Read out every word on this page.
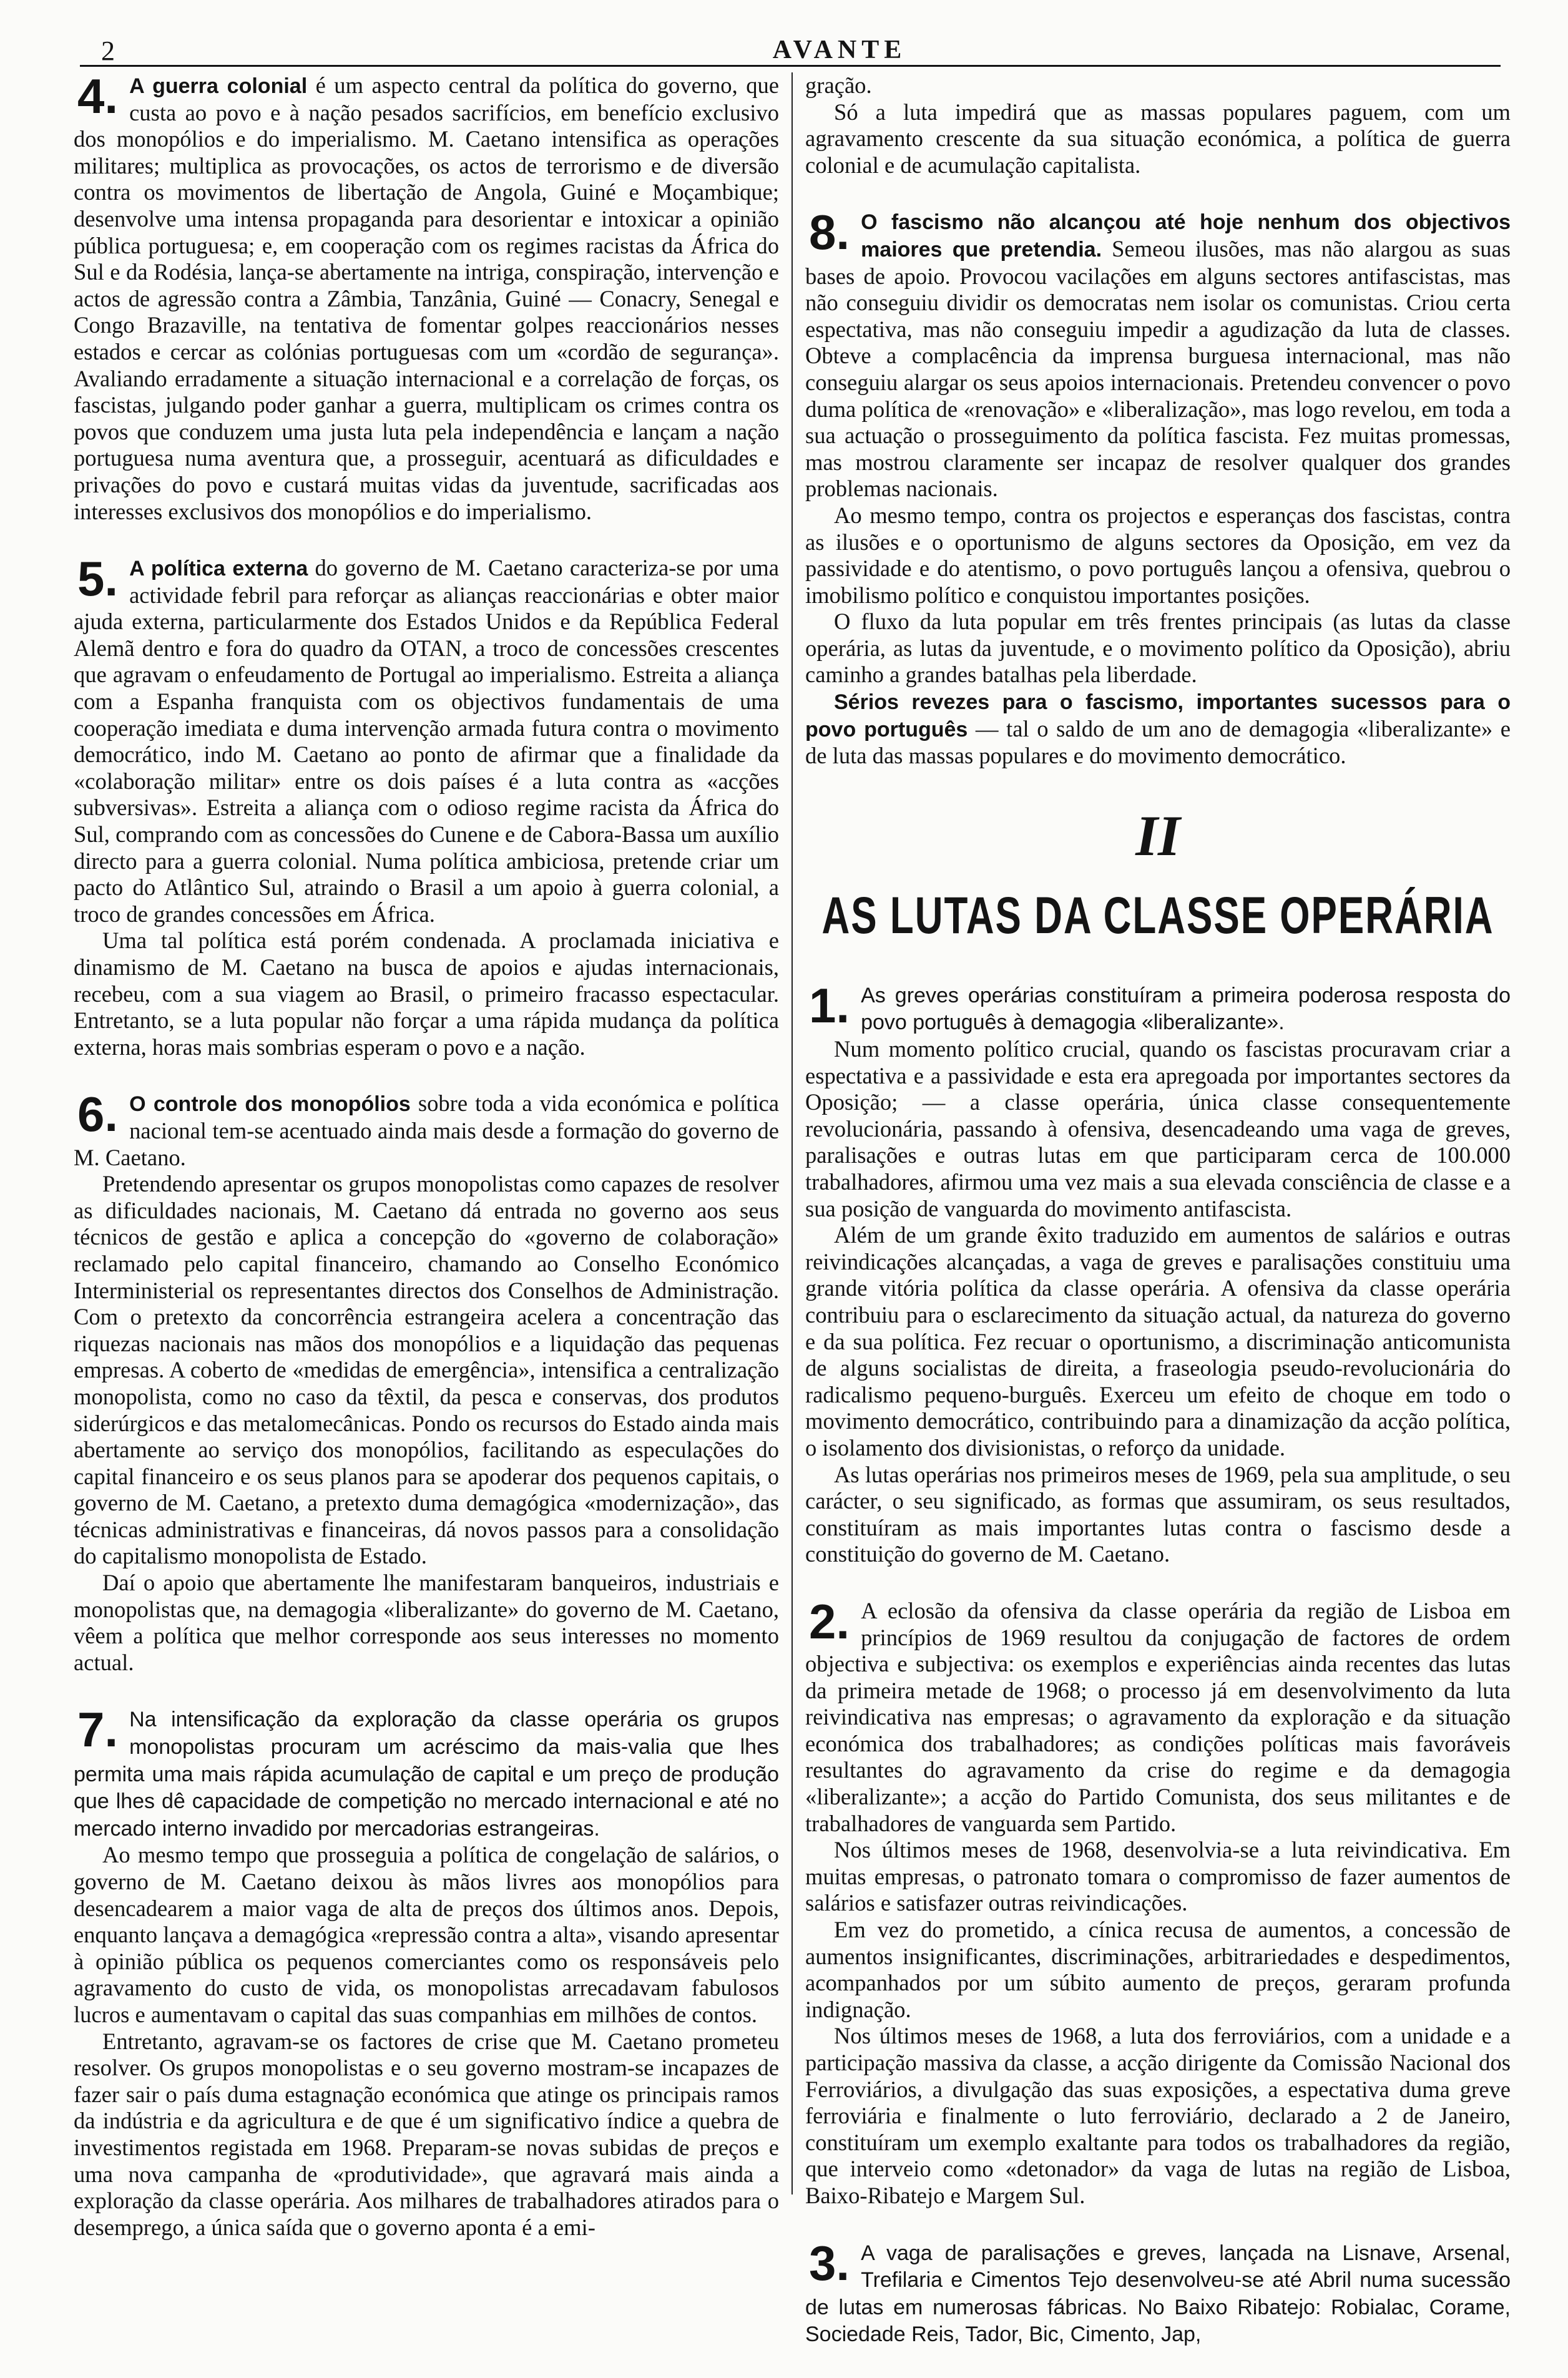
2	AVANTE

4. A guerra colonial é um aspecto central da política do governo, que custa ao povo e à nação pesados sacrifícios, em benefício exclusivo dos monopólios e do imperialismo. M. Caetano intensifica as operações militares; multiplica as provocações, os actos de terrorismo e de diversão contra os movimentos de libertação de Angola, Guiné e Moçambique; desenvolve uma intensa propaganda para desorientar e intoxicar a opinião pública portuguesa; e, em cooperação com os regimes racistas da África do Sul e da Rodésia, lança-se abertamente na intriga, conspiração, intervenção e actos de agressão contra a Zâmbia, Tanzânia, Guiné — Conacry, Senegal e Congo Brazaville, na tentativa de fomentar golpes reaccionários nesses estados e cercar as colónias portuguesas com um «cordão de segurança». Avaliando erradamente a situação internacional e a correlação de forças, os fascistas, julgando poder ganhar a guerra, multiplicam os crimes contra os povos que conduzem uma justa luta pela independência e lançam a nação portuguesa numa aventura que, a prosseguir, acentuará as dificuldades e privações do povo e custará muitas vidas da juventude, sacrificadas aos interesses exclusivos dos monopólios e do imperialismo.

5. A política externa do governo de M. Caetano caracteriza-se por uma actividade febril para reforçar as alianças reaccionárias e obter maior ajuda externa, particularmente dos Estados Unidos e da República Federal Alemã dentro e fora do quadro da OTAN, a troco de concessões crescentes que agravam o enfeudamento de Portugal ao imperialismo. Estreita a aliança com a Espanha franquista com os objectivos fundamentais de uma cooperação imediata e duma intervenção armada futura contra o movimento democrático, indo M. Caetano ao ponto de afirmar que a finalidade da «colaboração militar» entre os dois países é a luta contra as «acções subversivas». Estreita a aliança com o odioso regime racista da África do Sul, comprando com as concessões do Cunene e de Cabora-Bassa um auxílio directo para a guerra colonial. Numa política ambiciosa, pretende criar um pacto do Atlântico Sul, atraindo o Brasil a um apoio à guerra colonial, a troco de grandes concessões em África.

Uma tal política está porém condenada. A proclamada iniciativa e dinamismo de M. Caetano na busca de apoios e ajudas internacionais, recebeu, com a sua viagem ao Brasil, o primeiro fracasso espectacular. Entretanto, se a luta popular não forçar a uma rápida mudança da política externa, horas mais sombrias esperam o povo e a nação.

6. O controle dos monopólios sobre toda a vida económica e política nacional tem-se acentuado ainda mais desde a formação do governo de M. Caetano.

Pretendendo apresentar os grupos monopolistas como capazes de resolver as dificuldades nacionais, M. Caetano dá entrada no governo aos seus técnicos de gestão e aplica a concepção do «governo de colaboração» reclamado pelo capital financeiro, chamando ao Conselho Económico Interministerial os representantes directos dos Conselhos de Administração. Com o pretexto da concorrência estrangeira acelera a concentração das riquezas nacionais nas mãos dos monopólios e a liquidação das pequenas empresas. A coberto de «medidas de emergência», intensifica a centralização monopolista, como no caso da têxtil, da pesca e conservas, dos produtos siderúrgicos e das metalomecânicas. Pondo os recursos do Estado ainda mais abertamente ao serviço dos monopólios, facilitando as especulações do capital financeiro e os seus planos para se apoderar dos pequenos capitais, o governo de M. Caetano, a pretexto duma demagógica «modernização», das técnicas administrativas e financeiras, dá novos passos para a consolidação do capitalismo monopolista de Estado.

Daí o apoio que abertamente lhe manifestaram banqueiros, industriais e monopolistas que, na demagogia «liberalizante» do governo de M. Caetano, vêem a política que melhor corresponde aos seus interesses no momento actual.

7. Na intensificação da exploração da classe operária os grupos monopolistas procuram um acréscimo da mais-valia que lhes permita uma mais rápida acumulação de capital e um preço de produção que lhes dê capacidade de competição no mercado internacional e até no mercado interno invadido por mercadorias estrangeiras.

Ao mesmo tempo que prosseguia a política de congelação de salários, o governo de M. Caetano deixou às mãos livres aos monopólios para desencadearem a maior vaga de alta de preços dos últimos anos. Depois, enquanto lançava a demagógica «repressão contra a alta», visando apresentar à opinião pública os pequenos comerciantes como os responsáveis pelo agravamento do custo de vida, os monopolistas arrecadavam fabulosos lucros e aumentavam o capital das suas companhias em milhões de contos.

Entretanto, agravam-se os factores de crise que M. Caetano prometeu resolver. Os grupos monopolistas e o seu governo mostram-se incapazes de fazer sair o país duma estagnação económica que atinge os principais ramos da indústria e da agricultura e de que é um significativo índice a quebra de investimentos registada em 1968. Preparam-se novas subidas de preços e uma nova campanha de «produtividade», que agravará mais ainda a exploração da classe operária. Aos milhares de trabalhadores atirados para o desemprego, a única saída que o governo aponta é a emi-

gração.

Só a luta impedirá que as massas populares paguem, com um agravamento crescente da sua situação económica, a política de guerra colonial e de acumulação capitalista.

8. O fascismo não alcançou até hoje nenhum dos objectivos maiores que pretendia. Semeou ilusões, mas não alargou as suas bases de apoio. Provocou vacilações em alguns sectores antifascistas, mas não conseguiu dividir os democratas nem isolar os comunistas. Criou certa espectativa, mas não conseguiu impedir a agudização da luta de classes. Obteve a complacência da imprensa burguesa internacional, mas não conseguiu alargar os seus apoios internacionais. Pretendeu convencer o povo duma política de «renovação» e «liberalização», mas logo revelou, em toda a sua actuação o prosseguimento da política fascista. Fez muitas promessas, mas mostrou claramente ser incapaz de resolver qualquer dos grandes problemas nacionais.

Ao mesmo tempo, contra os projectos e esperanças dos fascistas, contra as ilusões e o oportunismo de alguns sectores da Oposição, em vez da passividade e do atentismo, o povo português lançou a ofensiva, quebrou o imobilismo político e conquistou importantes posições.

O fluxo da luta popular em três frentes principais (as lutas da classe operária, as lutas da juventude, e o movimento político da Oposição), abriu caminho a grandes batalhas pela liberdade.

Sérios revezes para o fascismo, importantes sucessos para o povo português — tal o saldo de um ano de demagogia «liberalizante» e de luta das massas populares e do movimento democrático.

II
AS LUTAS DA CLASSE OPERÁRIA

1. As greves operárias constituíram a primeira poderosa resposta do povo português à demagogia «liberalizante».

Num momento político crucial, quando os fascistas procuravam criar a espectativa e a passividade e esta era apregoada por importantes sectores da Oposição; — a classe operária, única classe consequentemente revolucionária, passando à ofensiva, desencadeando uma vaga de greves, paralisações e outras lutas em que participaram cerca de 100.000 trabalhadores, afirmou uma vez mais a sua elevada consciência de classe e a sua posição de vanguarda do movimento antifascista.

Além de um grande êxito traduzido em aumentos de salários e outras reivindicações alcançadas, a vaga de greves e paralisações constituiu uma grande vitória política da classe operária. A ofensiva da classe operária contribuiu para o esclarecimento da situação actual, da natureza do governo e da sua política. Fez recuar o oportunismo, a discriminação anticomunista de alguns socialistas de direita, a fraseologia pseudo-revolucionária do radicalismo pequeno-burguês. Exerceu um efeito de choque em todo o movimento democrático, contribuindo para a dinamização da acção política, o isolamento dos divisionistas, o reforço da unidade.

As lutas operárias nos primeiros meses de 1969, pela sua amplitude, o seu carácter, o seu significado, as formas que assumiram, os seus resultados, constituíram as mais importantes lutas contra o fascismo desde a constituição do governo de M. Caetano.

2. A eclosão da ofensiva da classe operária da região de Lisboa em princípios de 1969 resultou da conjugação de factores de ordem objectiva e subjectiva: os exemplos e experiências ainda recentes das lutas da primeira metade de 1968; o processo já em desenvolvimento da luta reivindicativa nas empresas; o agravamento da exploração e da situação económica dos trabalhadores; as condições políticas mais favoráveis resultantes do agravamento da crise do regime e da demagogia «liberalizante»; a acção do Partido Comunista, dos seus militantes e de trabalhadores de vanguarda sem Partido.

Nos últimos meses de 1968, desenvolvia-se a luta reivindicativa. Em muitas empresas, o patronato tomara o compromisso de fazer aumentos de salários e satisfazer outras reivindicações.

Em vez do prometido, a cínica recusa de aumentos, a concessão de aumentos insignificantes, discriminações, arbitrariedades e despedimentos, acompanhados por um súbito aumento de preços, geraram profunda indignação.

Nos últimos meses de 1968, a luta dos ferroviários, com a unidade e a participação massiva da classe, a acção dirigente da Comissão Nacional dos Ferroviários, a divulgação das suas exposições, a espectativa duma greve ferroviária e finalmente o luto ferroviário, declarado a 2 de Janeiro, constituíram um exemplo exaltante para todos os trabalhadores da região, que interveio como «detonador» da vaga de lutas na região de Lisboa, Baixo-Ribatejo e Margem Sul.

3. A vaga de paralisações e greves, lançada na Lisnave, Arsenal, Trefilaria e Cimentos Tejo desenvolveu-se até Abril numa sucessão de lutas em numerosas fábricas. No Baixo Ribatejo: Robialac, Corame, Sociedade Reis, Tador, Bic, Cimento, Jap,
